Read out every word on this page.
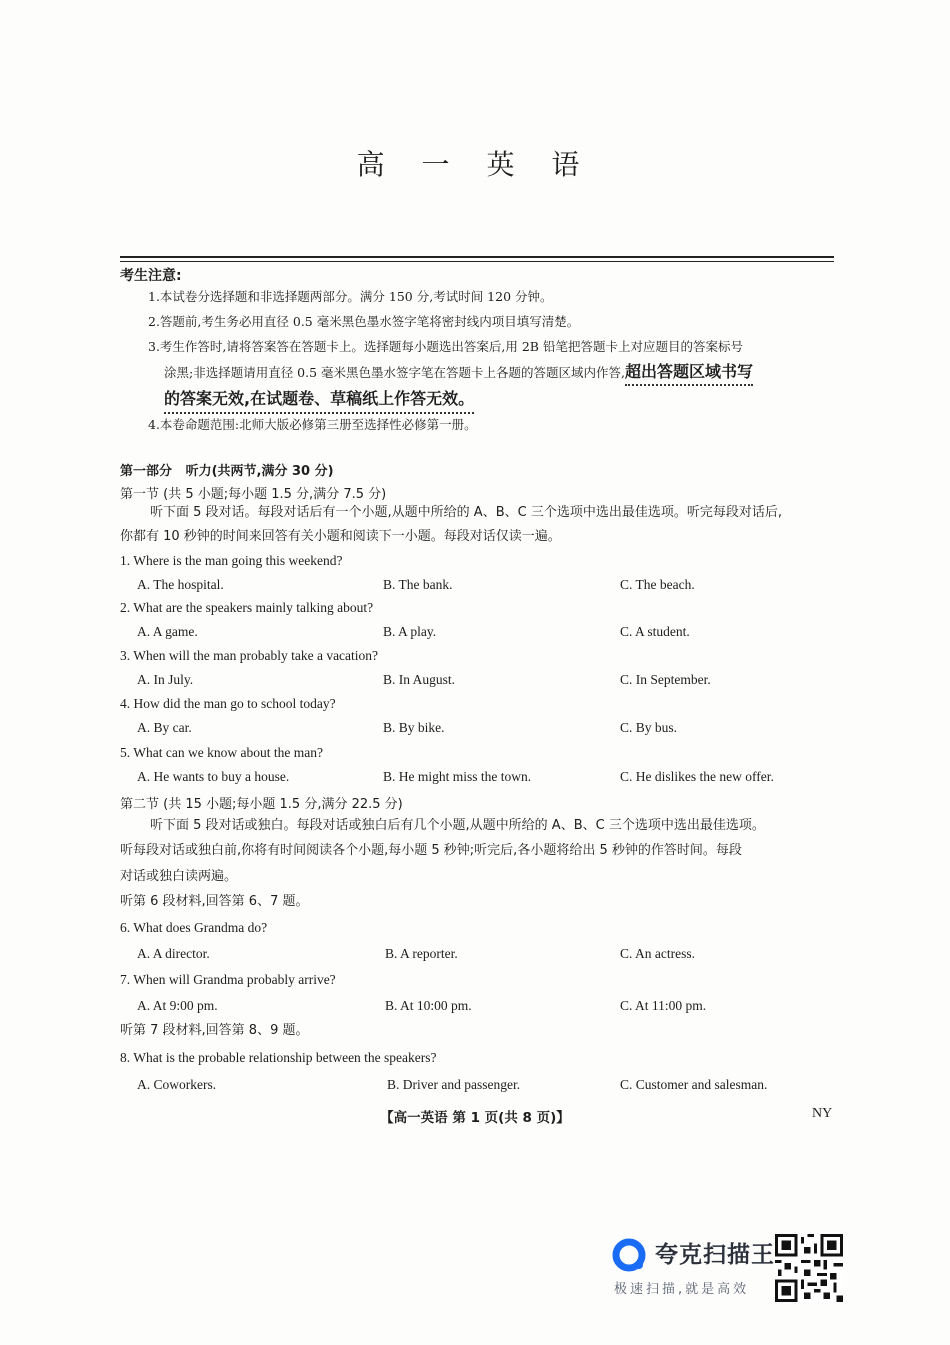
高 一 英 语
考生注意:
1.本试卷分选择题和非选择题两部分。满分 150 分,考试时间 120 分钟。
2.答题前,考生务必用直径 0.5 毫米黑色墨水签字笔将密封线内项目填写清楚。
3.考生作答时,请将答案答在答题卡上。选择题每小题选出答案后,用 2B 铅笔把答题卡上对应题目的答案标号
涂黑;非选择题请用直径 0.5 毫米黑色墨水签字笔在答题卡上各题的答题区域内作答,超出答题区域书写
的答案无效,在试题卷、草稿纸上作答无效。
4.本卷命题范围:北师大版必修第三册至选择性必修第一册。
第一部分 听力(共两节,满分 30 分)
第一节 (共 5 小题;每小题 1.5 分,满分 7.5 分)
听下面 5 段对话。每段对话后有一个小题,从题中所给的 A、B、C 三个选项中选出最佳选项。听完每段对话后,
你都有 10 秒钟的时间来回答有关小题和阅读下一小题。每段对话仅读一遍。
1. Where is the man going this weekend?
A. The hospital.	B. The bank.	C. The beach.
2. What are the speakers mainly talking about?
A. A game.	B. A play.	C. A student.
3. When will the man probably take a vacation?
A. In July.	B. In August.	C. In September.
4. How did the man go to school today?
A. By car.	B. By bike.	C. By bus.
5. What can we know about the man?
A. He wants to buy a house.	B. He might miss the town.	C. He dislikes the new offer.
第二节 (共 15 小题;每小题 1.5 分,满分 22.5 分)
听下面 5 段对话或独白。每段对话或独白后有几个小题,从题中所给的 A、B、C 三个选项中选出最佳选项。
听每段对话或独白前,你将有时间阅读各个小题,每小题 5 秒钟;听完后,各小题将给出 5 秒钟的作答时间。每段
对话或独白读两遍。
听第 6 段材料,回答第 6、7 题。
6. What does Grandma do?
A. A director.	B. A reporter.	C. An actress.
7. When will Grandma probably arrive?
A. At 9:00 pm.	B. At 10:00 pm.	C. At 11:00 pm.
听第 7 段材料,回答第 8、9 题。
8. What is the probable relationship between the speakers?
A. Coworkers.	B. Driver and passenger.	C. Customer and salesman.
【高一英语 第 1 页(共 8 页)】	NY
夸克扫描王
极速扫描,就是高效
